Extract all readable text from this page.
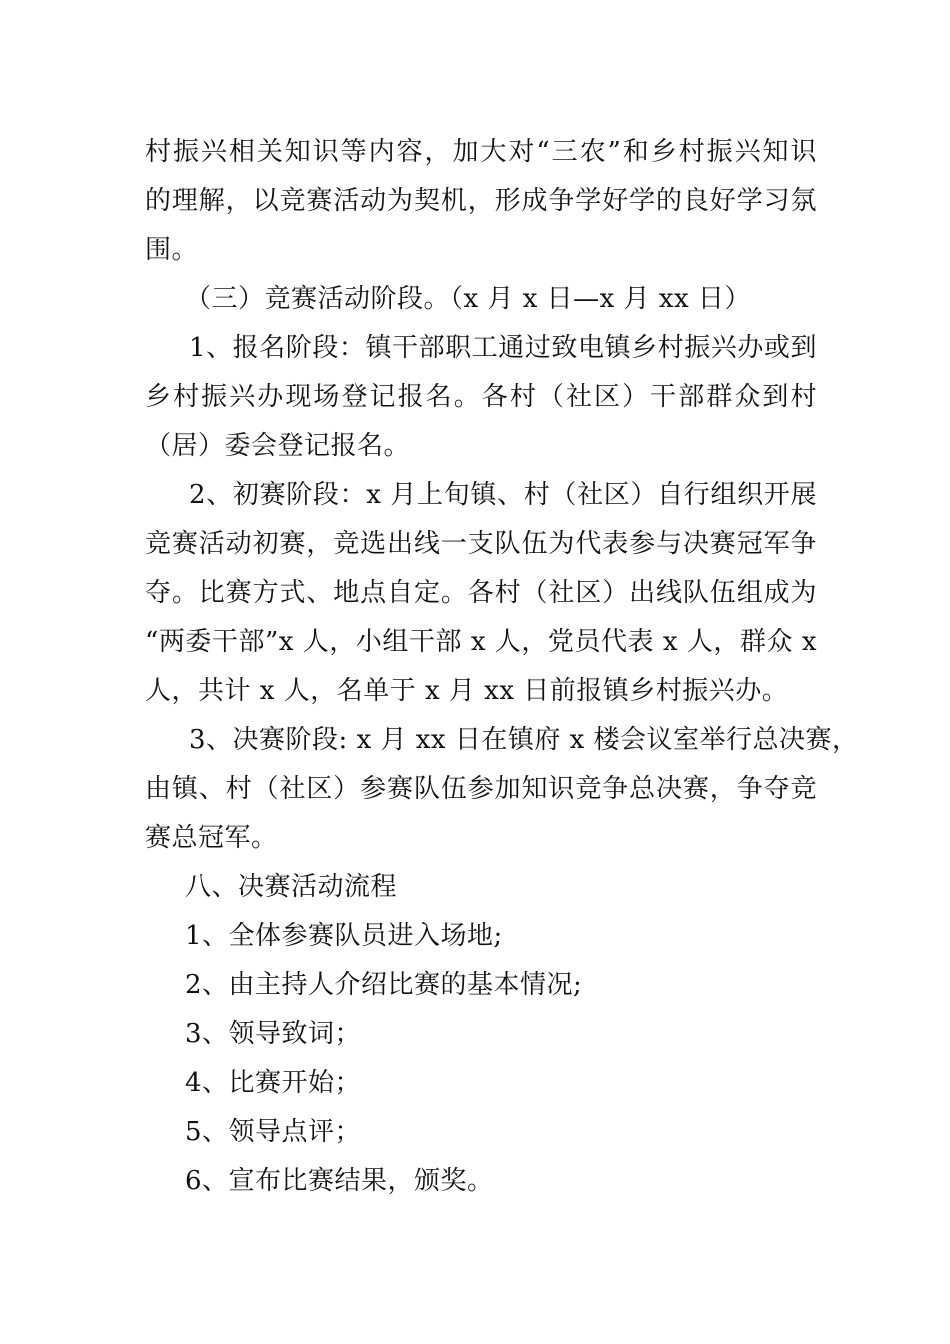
村振兴相关知识等内容，加大对“三农”和乡村振兴知识
的理解，以竞赛活动为契机，形成争学好学的良好学习氛
围。
（三）竞赛活动阶段。（x 月 x 日—x 月 xx 日）
1、报名阶段：镇干部职工通过致电镇乡村振兴办或到
乡村振兴办现场登记报名。各村（社区）干部群众到村
（居）委会登记报名。
2、初赛阶段：x 月上旬镇、村（社区）自行组织开展
竞赛活动初赛，竞选出线一支队伍为代表参与决赛冠军争
夺。比赛方式、地点自定。各村（社区）出线队伍组成为
“两委干部”x 人，小组干部 x 人，党员代表 x 人，群众 x
人，共计 x 人，名单于 x 月 xx 日前报镇乡村振兴办。
3、决赛阶段: x 月 xx 日在镇府 x 楼会议室举行总决赛，
由镇、村（社区）参赛队伍参加知识竞争总决赛，争夺竞
赛总冠军。
八、决赛活动流程
1、全体参赛队员进入场地;
2、由主持人介绍比赛的基本情况;
3、领导致词；
4、比赛开始；
5、领导点评；
6、宣布比赛结果，颁奖。
